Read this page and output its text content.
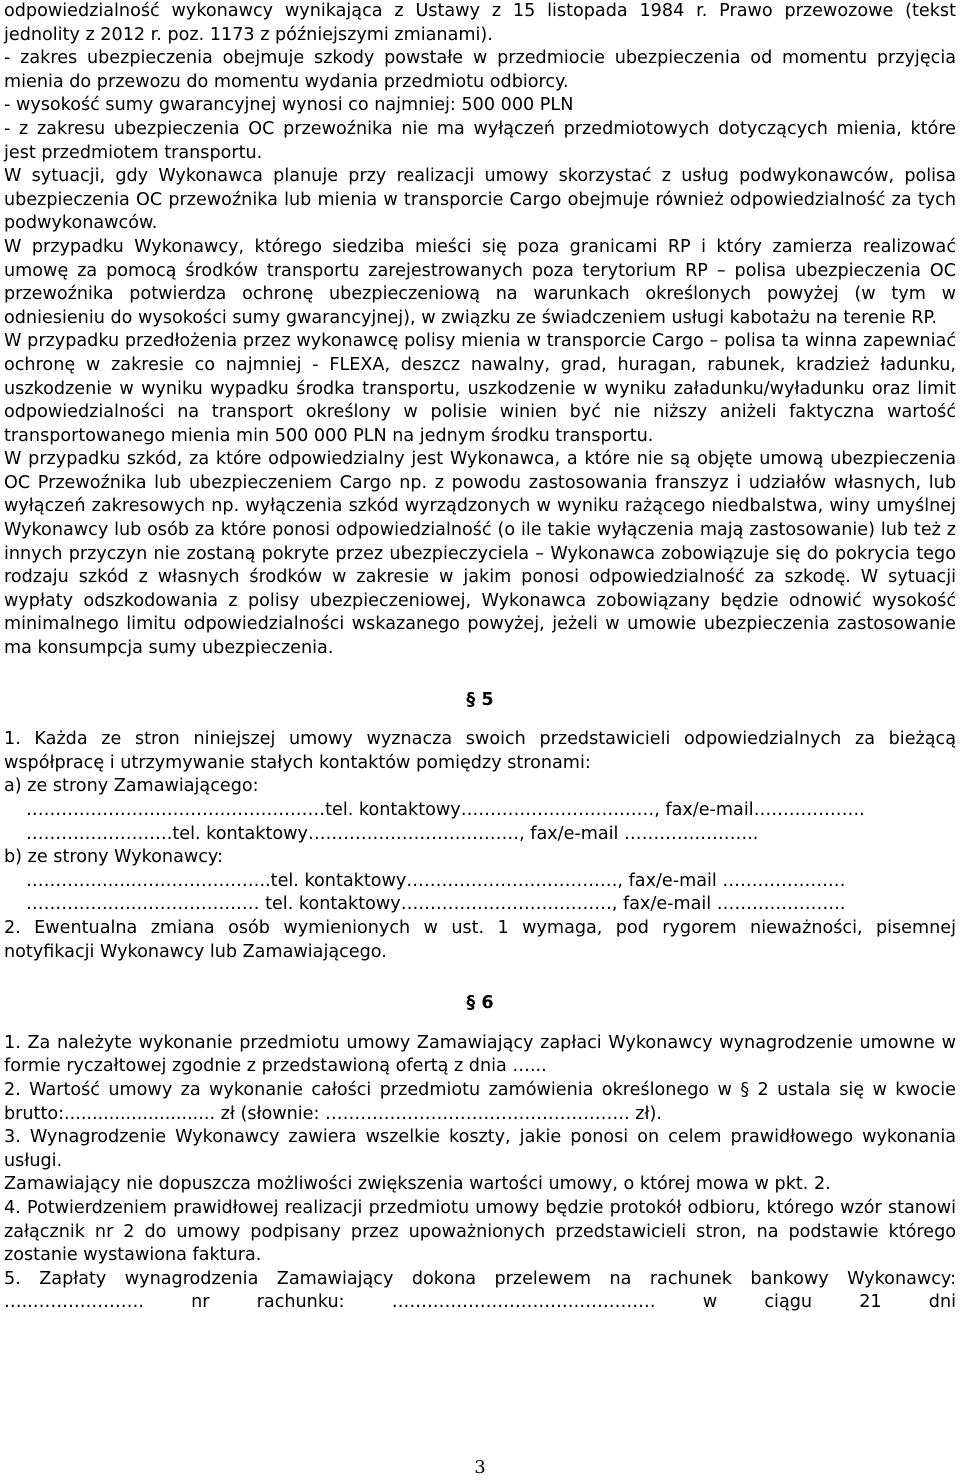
odpowiedzialność wykonawcy wynikająca z Ustawy z 15 listopada 1984 r. Prawo przewozowe (tekst jednolity z 2012 r. poz. 1173 z późniejszymi zmianami).

- zakres ubezpieczenia obejmuje szkody powstałe w przedmiocie ubezpieczenia od momentu przyjęcia mienia do przewozu do momentu wydania przedmiotu odbiorcy.

- wysokość sumy gwarancyjnej wynosi co najmniej: 500 000 PLN

- z zakresu ubezpieczenia OC przewoźnika nie ma wyłączeń przedmiotowych dotyczących mienia, które jest przedmiotem transportu.

W sytuacji, gdy Wykonawca planuje przy realizacji umowy skorzystać z usług podwykonawców, polisa ubezpieczenia OC przewoźnika lub mienia w transporcie Cargo obejmuje również odpowiedzialność za tych podwykonawców.

W przypadku Wykonawcy, którego siedziba mieści się poza granicami RP i który zamierza realizować umowę za pomocą środków transportu zarejestrowanych poza terytorium RP – polisa ubezpieczenia OC przewoźnika potwierdza ochronę ubezpieczeniową na warunkach określonych powyżej (w tym w odniesieniu do wysokości sumy gwarancyjnej), w związku ze świadczeniem usługi kabotażu na terenie RP.

W przypadku przedłożenia przez wykonawcę polisy mienia w transporcie Cargo – polisa ta winna zapewniać ochronę w zakresie co najmniej - FLEXA, deszcz nawalny, grad, huragan, rabunek, kradzież ładunku, uszkodzenie w wyniku wypadku środka transportu, uszkodzenie w wyniku załadunku/wyładunku oraz limit odpowiedzialności na transport określony w polisie winien być nie niższy aniżeli faktyczna wartość transportowanego mienia min 500 000 PLN na jednym środku transportu.

W przypadku szkód, za które odpowiedzialny jest Wykonawca, a które nie są objęte umową ubezpieczenia OC Przewoźnika lub ubezpieczeniem Cargo np. z powodu zastosowania franszyz i udziałów własnych, lub wyłączeń zakresowych np. wyłączenia szkód wyrządzonych w wyniku rażącego niedbalstwa, winy umyślnej Wykonawcy lub osób za które ponosi odpowiedzialność (o ile takie wyłączenia mają zastosowanie) lub też z innych przyczyn nie zostaną pokryte przez ubezpieczyciela – Wykonawca zobowiązuje się do pokrycia tego rodzaju szkód z własnych środków w zakresie w jakim ponosi odpowiedzialność za szkodę. W sytuacji wypłaty odszkodowania z polisy ubezpieczeniowej, Wykonawca zobowiązany będzie odnowić wysokość minimalnego limitu odpowiedzialności wskazanego powyżej, jeżeli w umowie ubezpieczenia zastosowanie ma konsumpcja sumy ubezpieczenia.

§ 5

1. Każda ze stron niniejszej umowy wyznacza swoich przedstawicieli odpowiedzialnych za bieżącą współpracę i utrzymywanie stałych kontaktów pomiędzy stronami:

a) ze strony Zamawiającego:

……………………………………………tel. kontaktowy……………………………, fax/e-mail……………….

…………………….tel. kontaktowy………………………………, fax/e-mail …………………..

b) ze strony Wykonawcy:

…………..…..…………………..tel. kontaktowy………………………………, fax/e-mail …………………

…………..…..………………… tel. kontaktowy………………………………, fax/e-mail ………………….

2. Ewentualna zmiana osób wymienionych w ust. 1 wymaga, pod rygorem nieważności, pisemnej notyfikacji Wykonawcy lub Zamawiającego.

§ 6

1. Za należyte wykonanie przedmiotu umowy Zamawiający zapłaci Wykonawcy wynagrodzenie umowne w formie ryczałtowej zgodnie z przedstawioną ofertą z dnia …...

2. Wartość umowy za wykonanie całości przedmiotu zamówienia określonego w § 2 ustala się w kwocie brutto:........................... zł (słownie: ……………………………………………. zł).

3. Wynagrodzenie Wykonawcy zawiera wszelkie koszty, jakie ponosi on celem prawidłowego wykonania usługi.

Zamawiający nie dopuszcza możliwości zwiększenia wartości umowy, o której mowa w pkt. 2.

4. Potwierdzeniem prawidłowej realizacji przedmiotu umowy będzie protokół odbioru, którego wzór stanowi załącznik nr 2 do umowy podpisany przez upoważnionych przedstawicieli stron, na podstawie którego zostanie wystawiona faktura.

5. Zapłaty wynagrodzenia Zamawiający dokona przelewem na rachunek bankowy Wykonawcy: …..………………. nr rachunku: ……………………………………… w ciągu 21 dni

3
